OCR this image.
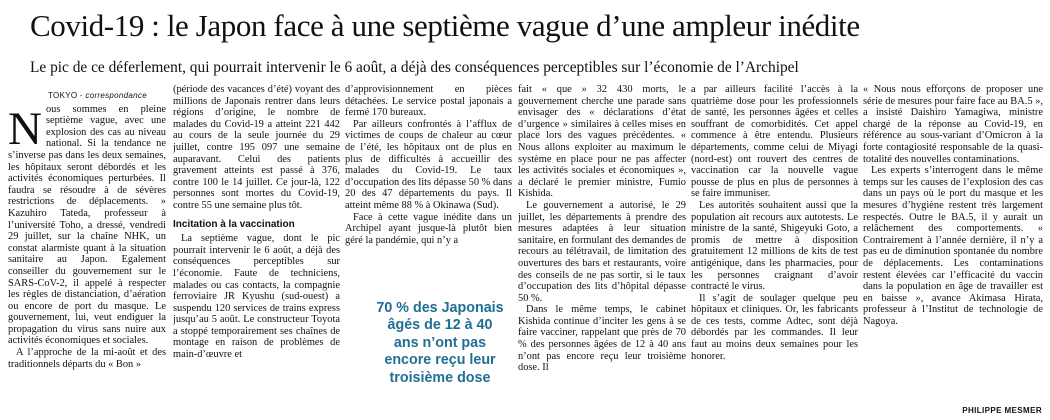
Covid-19 : le Japon face à une septième vague d’une ampleur inédite

Le pic de ce déferlement, qui pourrait intervenir le 6 août, a déjà des conséquences perceptibles sur l’économie de l’Archipel

TOKYO - correspondance

Nous sommes en pleine septième vague, avec une explosion des cas au niveau national. Si la tendance ne s’inverse pas dans les deux semaines, les hôpitaux seront débordés et les activités économiques perturbées. Il faudra se résoudre à de sévères restrictions de déplacements. » Kazuhiro Tateda, professeur à l’université Toho, a dressé, vendredi 29 juillet, sur la chaîne NHK, un constat alarmiste quant à la situation sanitaire au Japon. Egalement conseiller du gouvernement sur le SARS-CoV-2, il appelé à respecter les règles de distanciation, d’aération ou encore de port du masque. Le gouvernement, lui, veut endiguer la propagation du virus sans nuire aux activités économiques et sociales.

A l’approche de la mi-août et des traditionnels départs du « Bon »

(période des vacances d’été) voyant des millions de Japonais rentrer dans leurs régions d’origine, le nombre de malades du Covid-19 a atteint 221 442 au cours de la seule journée du 29 juillet, contre 195 097 une semaine auparavant. Celui des patients gravement atteints est passé à 376, contre 100 le 14 juillet. Ce jour-là, 122 personnes sont mortes du Covid-19, contre 55 une semaine plus tôt.

Incitation à la vaccination

La septième vague, dont le pic pourrait intervenir le 6 août, a déjà des conséquences perceptibles sur l’économie. Faute de techniciens, malades ou cas contacts, la compagnie ferroviaire JR Kyushu (sud-ouest) a suspendu 120 services de trains express jusqu’au 5 août. Le constructeur Toyota a stoppé temporairement ses chaînes de montage en raison de problèmes de main-d’œuvre et

d’approvisionnement en pièces détachées. Le service postal japonais a fermé 170 bureaux.

Par ailleurs confrontés à l’afflux de victimes de coups de chaleur au cœur de l’été, les hôpitaux ont de plus en plus de difficultés à accueillir des malades du Covid-19. Le taux d’occupation des lits dépasse 50 % dans 20 des 47 départements du pays. Il atteint même 88 % à Okinawa (Sud).

Face à cette vague inédite dans un Archipel ayant jusque-là plutôt bien géré la pandémie, qui n’y a

70 % des Japonais âgés de 12 à 40 ans n’ont pas encore reçu leur troisième dose

fait « que » 32 430 morts, le gouvernement cherche une parade sans envisager des « déclarations d’état d’urgence » similaires à celles mises en place lors des vagues précédentes. « Nous allons exploiter au maximum le système en place pour ne pas affecter les activités sociales et économiques », a déclaré le premier ministre, Fumio Kishida.

Le gouvernement a autorisé, le 29 juillet, les départements à prendre des mesures adaptées à leur situation sanitaire, en formulant des demandes de recours au télétravail, de limitation des ouvertures des bars et restaurants, voire des conseils de ne pas sortir, si le taux d’occupation des lits d’hôpital dépasse 50 %.

Dans le même temps, le cabinet Kishida continue d’inciter les gens à se faire vacciner, rappelant que près de 70 % des personnes âgées de 12 à 40 ans n’ont pas encore reçu leur troisième dose. Il

a par ailleurs facilité l’accès à la quatrième dose pour les professionnels de santé, les personnes âgées et celles souffrant de comorbidités. Cet appel commence à être entendu. Plusieurs départements, comme celui de Miyagi (nord-est) ont rouvert des centres de vaccination car la nouvelle vague pousse de plus en plus de personnes à se faire immuniser.

Les autorités souhaitent aussi que la population ait recours aux autotests. Le ministre de la santé, Shigeyuki Goto, a promis de mettre à disposition gratuitement 12 millions de kits de test antigénique, dans les pharmacies, pour les personnes craignant d’avoir contracté le virus.

Il s’agit de soulager quelque peu hôpitaux et cliniques. Or, les fabricants de ces tests, comme Adtec, sont déjà débordés par les commandes. Il leur faut au moins deux semaines pour les honorer.

« Nous nous efforçons de proposer une série de mesures pour faire face au BA.5 », a insisté Daishiro Yamagiwa, ministre chargé de la réponse au Covid-19, en référence au sous-variant d’Omicron à la forte contagiosité responsable de la quasi-totalité des nouvelles contaminations.

Les experts s’interrogent dans le même temps sur les causes de l’explosion des cas dans un pays où le port du masque et les mesures d’hygiène restent très largement respectés. Outre le BA.5, il y aurait un relâchement des comportements. « Contrairement à l’année dernière, il n’y a pas eu de diminution spontanée du nombre de déplacements. Les contaminations restent élevées car l’efficacité du vaccin dans la population en âge de travailler est en baisse », avance Akimasa Hirata, professeur à l’Institut de technologie de Nagoya.

PHILIPPE MESMER
